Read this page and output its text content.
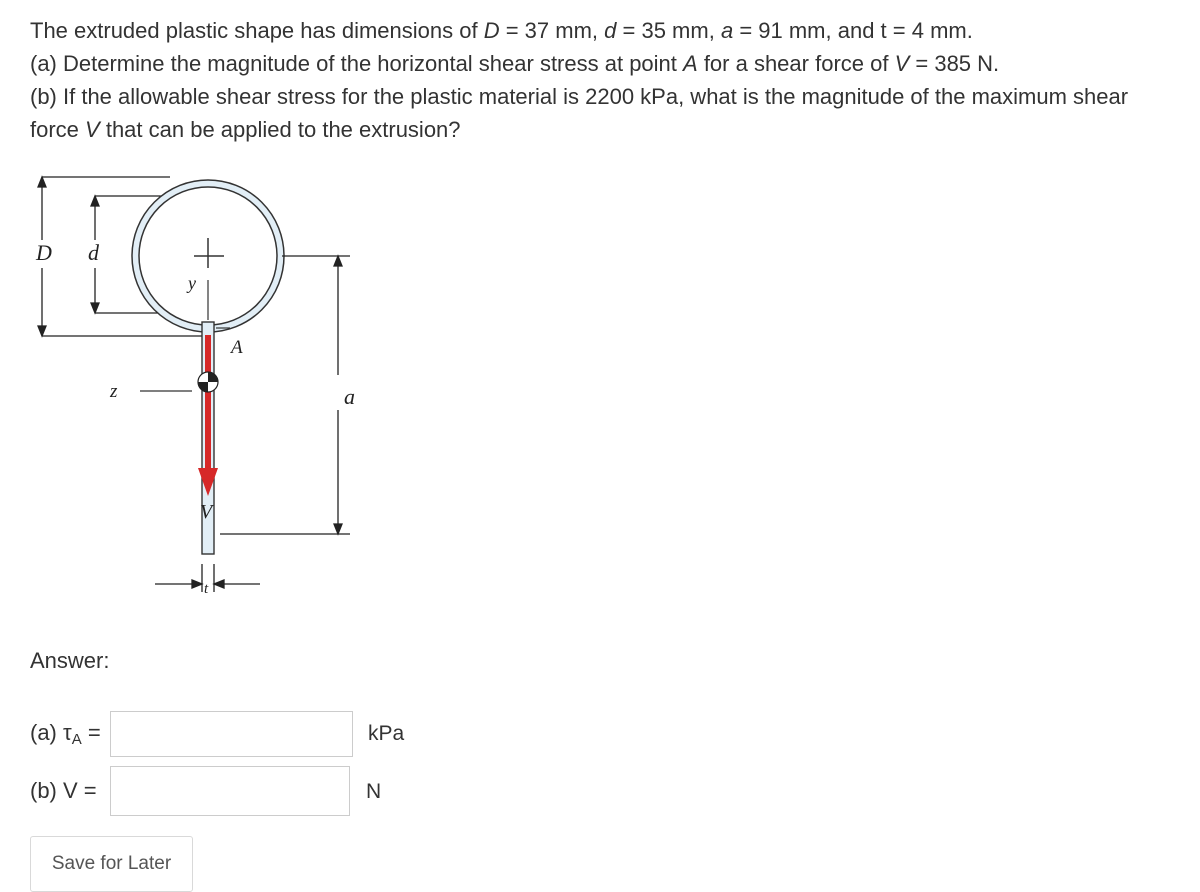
The extruded plastic shape has dimensions of D = 37 mm, d = 35 mm, a = 91 mm, and t = 4 mm.

(a) Determine the magnitude of the horizontal shear stress at point A for a shear force of V = 385 N.

(b) If the allowable shear stress for the plastic material is 2200 kPa, what is the magnitude of the maximum shear force V that can be applied to the extrusion?

D d
y
A
z
V
a
t
Answer:
(a) τA =	kPa
(b) V =	N
Save for Later
